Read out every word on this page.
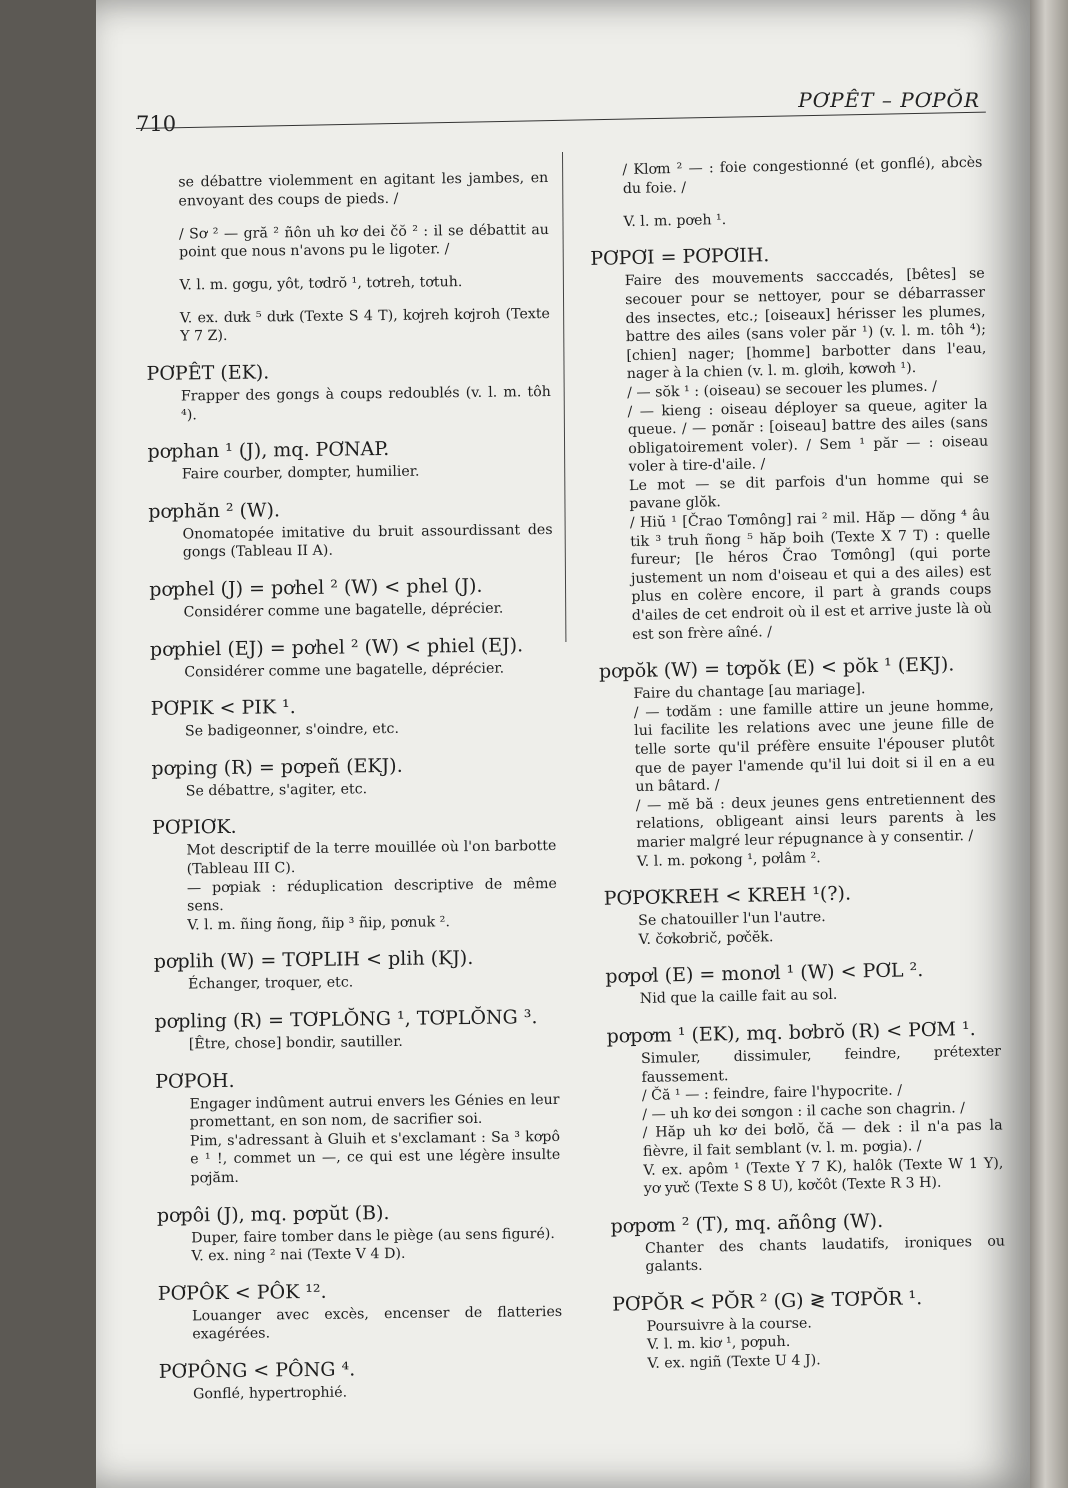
PƠPÊT – PƠPŎR
710

se débattre violemment en agitant les jambes, en envoyant des coups de pieds. /

/ Sơ ² — gră ² ñôn uh kơ dei čŏ ² : il se débattit au point que nous n'avons pu le ligoter. /

V. l. m. gơgu, yôt, tơdrŏ ¹, tơtreh, tơtuh.

V. ex. dưk ⁵ dưk (Texte S 4 T), kơjreh kơjroh (Texte Y 7 Z).

PƠPÊT (EK).

Frapper des gongs à coups redoublés (v. l. m. tôh ⁴).

pơphan ¹ (J), mq. PƠNAP.

Faire courber, dompter, humilier.

pơphăn ² (W).

Onomatopée imitative du bruit assourdissant des gongs (Tableau II A).

pơphel (J) = pơhel ² (W) < phel (J).

Considérer comme une bagatelle, déprécier.

pơphiel (EJ) = pơhel ² (W) < phiel (EJ).

Considérer comme une bagatelle, déprécier.

PƠPIK < PIK ¹.

Se badigeonner, s'oindre, etc.

pơping (R) = pơpeñ (EKJ).

Se débattre, s'agiter, etc.

PƠPIƠK.

Mot descriptif de la terre mouillée où l'on barbotte (Tableau III C).

— pơpiak : réduplication descriptive de même sens.

V. l. m. ñing ñong, ñip ³ ñip, pơnuk ².

pơplih (W) = TƠPLIH < plih (KJ).

Échanger, troquer, etc.

pơpling (R) = TƠPLŎNG ¹, TƠPLŎNG ³.

[Être, chose] bondir, sautiller.

PƠPOH.

Engager indûment autrui envers les Génies en leur promettant, en son nom, de sacrifier soi.

Pim, s'adressant à Gluih et s'exclamant : Sa ³ kơpô e ¹ !, commet un —, ce qui est une légère insulte pơjăm.

pơpôi (J), mq. pơpŭt (B).

Duper, faire tomber dans le piège (au sens figuré).

V. ex. ning ² nai (Texte V 4 D).

PƠPÔK < PÔK ¹².

Louanger avec excès, encenser de flatteries exagérées.

PƠPÔNG < PÔNG ⁴.

Gonflé, hypertrophié.

/ Klơm ² — : foie congestionné (et gonflé), abcès du foie. /

V. l. m. pơeh ¹.

PƠPƠI = PƠPƠIH.

Faire des mouvements sacccadés, [bêtes] se secouer pour se nettoyer, pour se débarrasser des insectes, etc.; [oiseaux] hérisser les plumes, battre des ailes (sans voler păr ¹) (v. l. m. tôh ⁴); [chien] nager; [homme] barbotter dans l'eau, nager à la chien (v. l. m. glơih, kơwơh ¹).

/ — sŏk ¹ : (oiseau) se secouer les plumes. /

/ — kieng : oiseau déployer sa queue, agiter la queue. / — pơnăr : [oiseau] battre des ailes (sans obligatoirement voler). / Sem ¹ păr — : oiseau voler à tire-d'aile. /

Le mot — se dit parfois d'un homme qui se pavane glŏk.

/ Hiŭ ¹ [Črao Tơmông] rai ² mil. Hăp — dŏng ⁴ âu tik ³ truh ñong ⁵ hăp boih (Texte X 7 T) : quelle fureur; [le héros Črao Tơmông] (qui porte justement un nom d'oiseau et qui a des ailes) est plus en colère encore, il part à grands coups d'ailes de cet endroit où il est et arrive juste là où est son frère aîné. /

pơpŏk (W) = tơpŏk (E) < pŏk ¹ (EKJ).

Faire du chantage [au mariage].

/ — tơdăm : une famille attire un jeune homme, lui facilite les relations avec une jeune fille de telle sorte qu'il préfère ensuite l'épouser plutôt que de payer l'amende qu'il lui doit si il en a eu un bâtard. /

/ — mĕ bă : deux jeunes gens entretiennent des relations, obligeant ainsi leurs parents à les marier malgré leur répugnance à y consentir. /

V. l. m. pơkong ¹, pơlâm ².

PƠPƠKREH < KREH ¹(?).

Se chatouiller l'un l'autre.

V. čơkơbrič, pơčĕk.

pơpơl (E) = monơl ¹ (W) < PƠL ².

Nid que la caille fait au sol.

pơpơm ¹ (EK), mq. bơbrŏ (R) < PƠM ¹.

Simuler, dissimuler, feindre, prétexter faussement.

/ Čă ¹ — : feindre, faire l'hypocrite. /

/ — uh kơ dei sơngon : il cache son chagrin. /

/ Hăp uh kơ dei bơlŏ, čă — dek : il n'a pas la fièvre, il fait semblant (v. l. m. pơgia). /

V. ex. apôm ¹ (Texte Y 7 K), halôk (Texte W 1 Y), yơ yưč (Texte S 8 U), kơčôt (Texte R 3 H).

pơpơm ² (T), mq. añông (W).

Chanter des chants laudatifs, ironiques ou galants.

PƠPŎR < PŎR ² (G) ≷ TƠPŎR ¹.

Poursuivre à la course.

V. l. m. kiơ ¹, pơpuh.

V. ex. ngiñ (Texte U 4 J).
